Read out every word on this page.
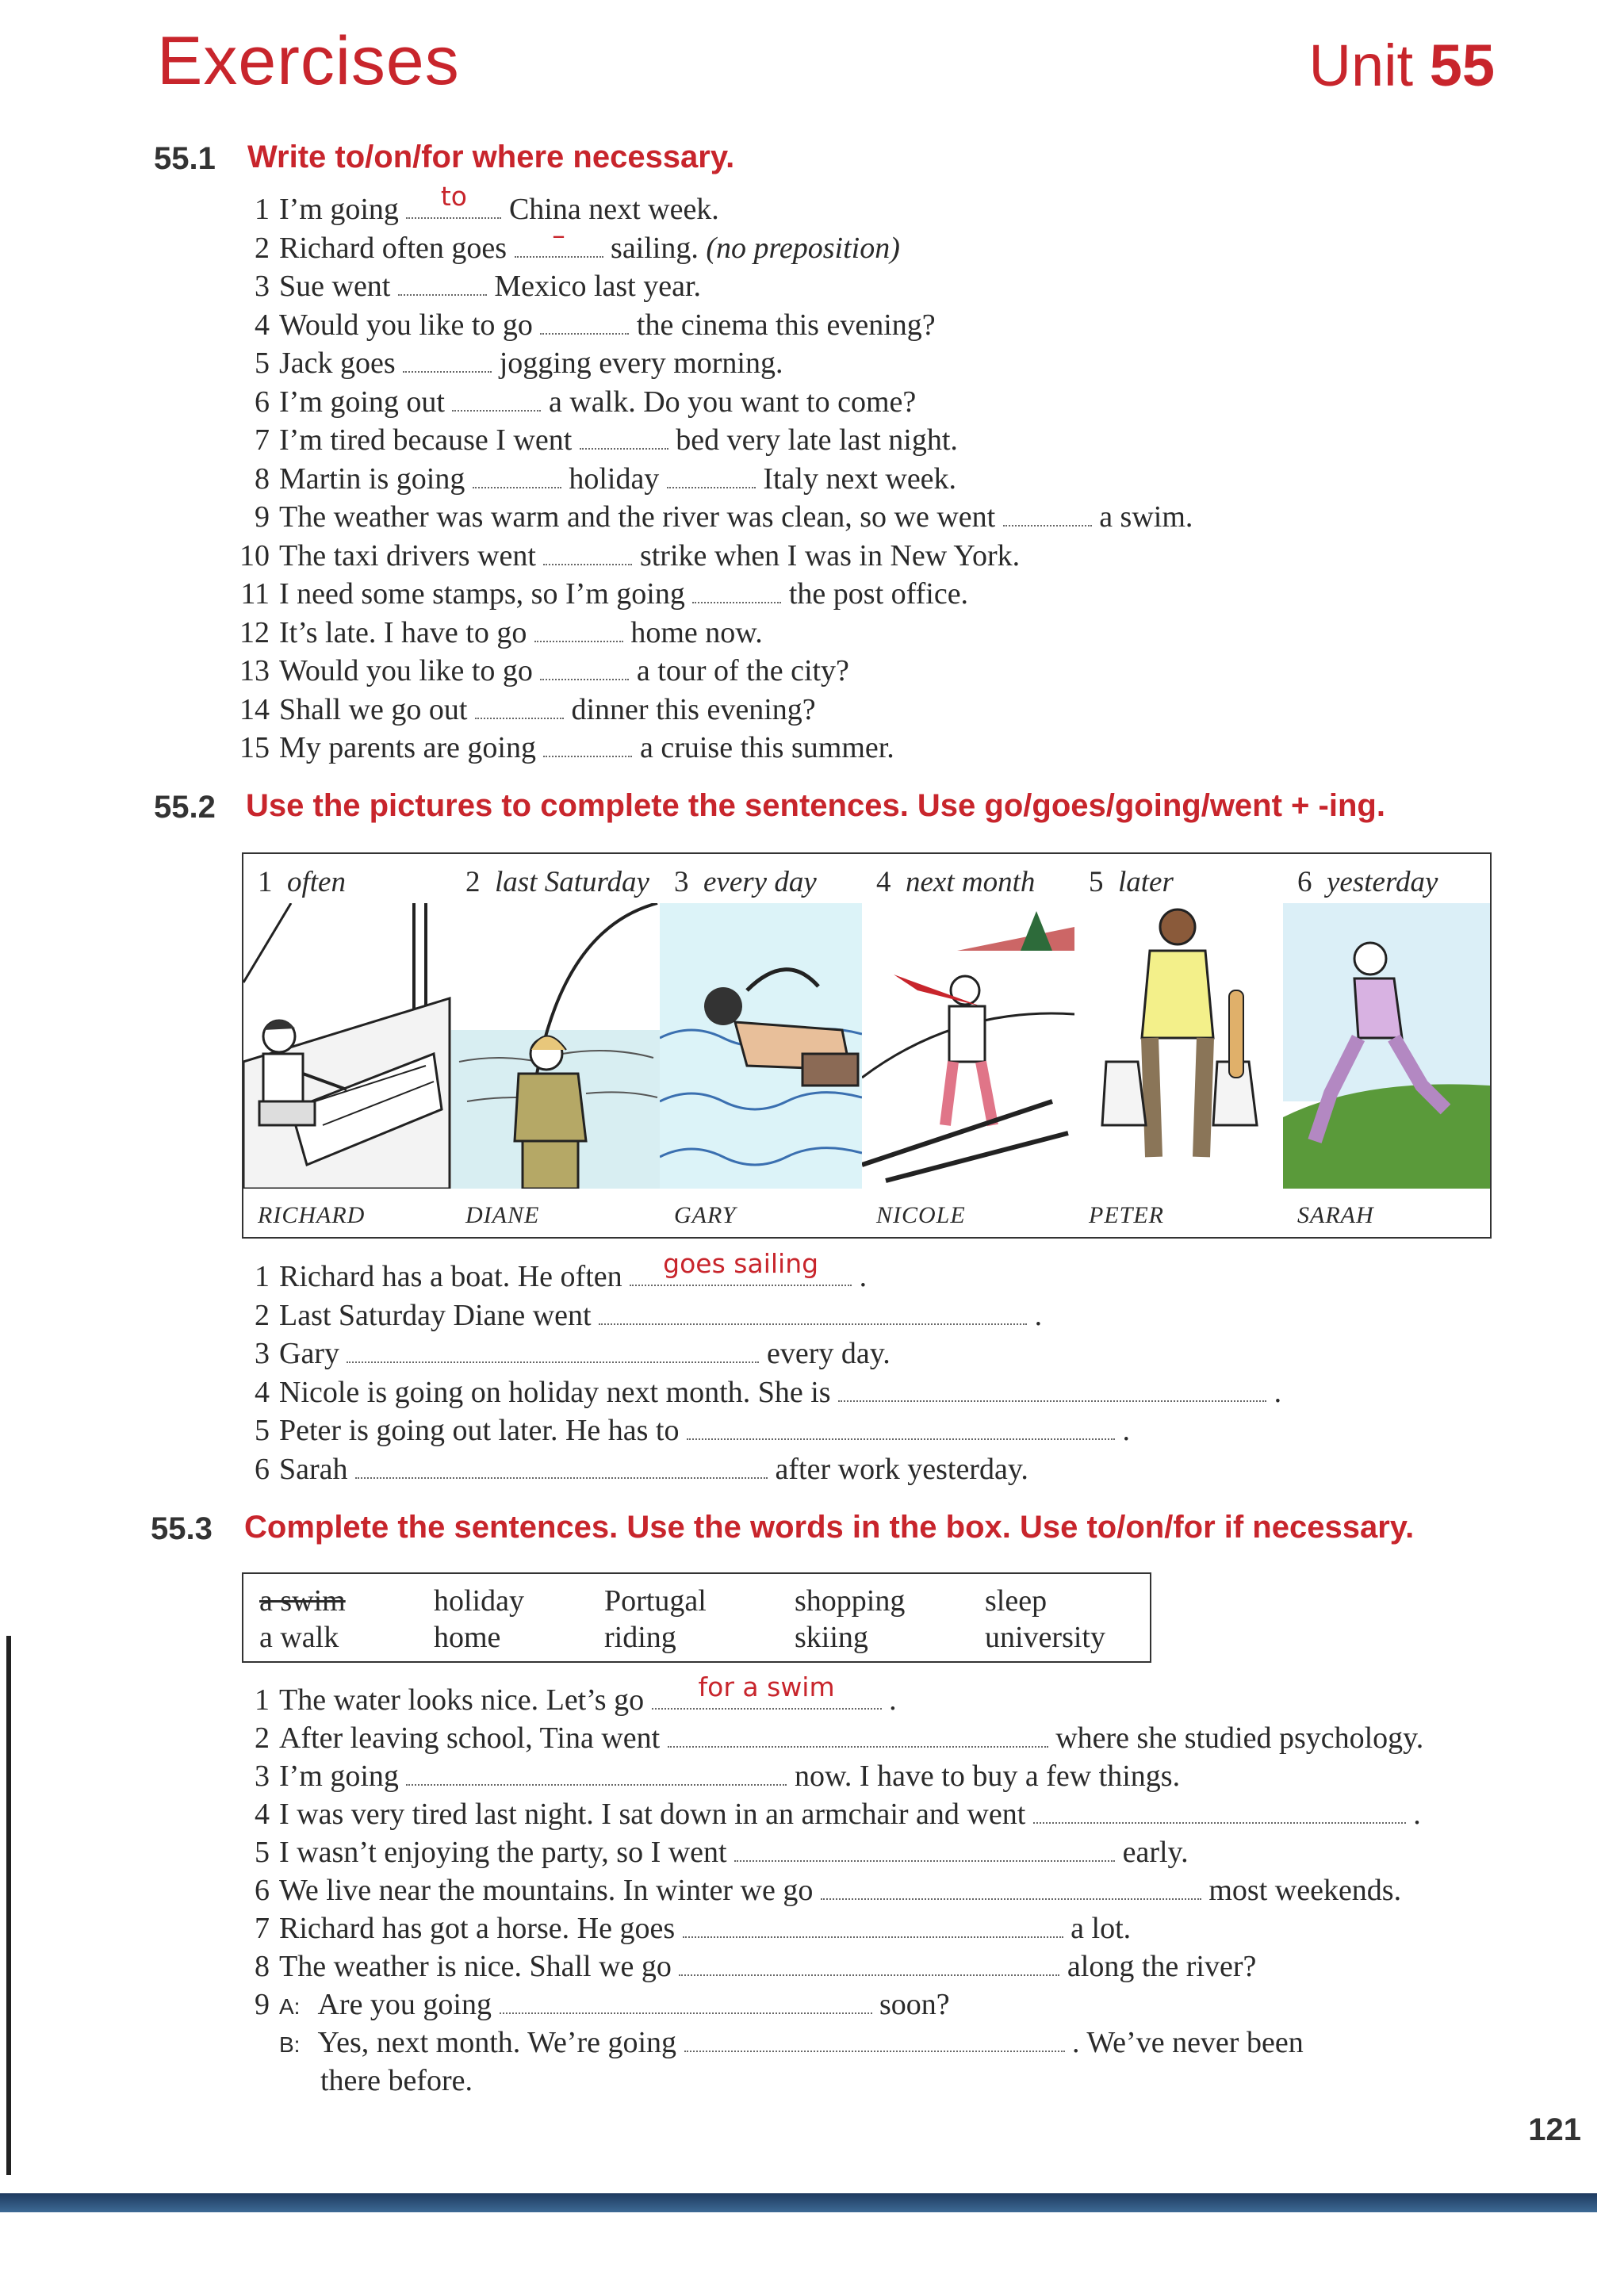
Exercises	Unit 55
55.1 Write to/on/for where necessary.
1 I’m going	to	China next week.
2 Richard often goes	–	sailing. (no preposition)
3 Sue went	Mexico last year.
4 Would you like to go	the cinema this evening?
5 Jack goes	jogging every morning.
6 I’m going out	a walk. Do you want to come?
7 I’m tired because I went	bed very late last night.
8 Martin is going	holiday	Italy next week.
9 The weather was warm and the river was clean, so we went	a swim.
10 The taxi drivers went	strike when I was in New York.
11 I need some stamps, so I’m going	the post office.
12 It’s late. I have to go	home now.
13 Would you like to go	a tour of the city?
14 Shall we go out	dinner this evening?
15 My parents are going	a cruise this summer.
55.2 Use the pictures to complete the sentences. Use go/goes/going/went + -ing.
1 often
RICHARD
2 last Saturday
DIANE
3 every day
GARY
4 next month
NICOLE
5 later
PETER
6 yesterday
SARAH
1 Richard has a boat. He often	goes sailing	.
2 Last Saturday Diane went	.
3 Gary	every day.
4 Nicole is going on holiday next month. She is	.
5 Peter is going out later. He has to	.
6 Sarah	after work yesterday.
55.3 Complete the sentences. Use the words in the box. Use to/on/for if necessary.
a swim	holiday	Portugal	shopping	sleep
a walk	home	riding	skiing	university
1 The water looks nice. Let’s go	for a swim	.
2 After leaving school, Tina went	where she studied psychology.
3 I’m going	now. I have to buy a few things.
4 I was very tired last night. I sat down in an armchair and went	.
5 I wasn’t enjoying the party, so I went	early.
6 We live near the mountains. In winter we go	most weekends.
7 Richard has got a horse. He goes	a lot.
8 The weather is nice. Shall we go	along the river?
9 A: Are you going	soon?
B: Yes, next month. We’re going	. We’ve never been
there before.
121
